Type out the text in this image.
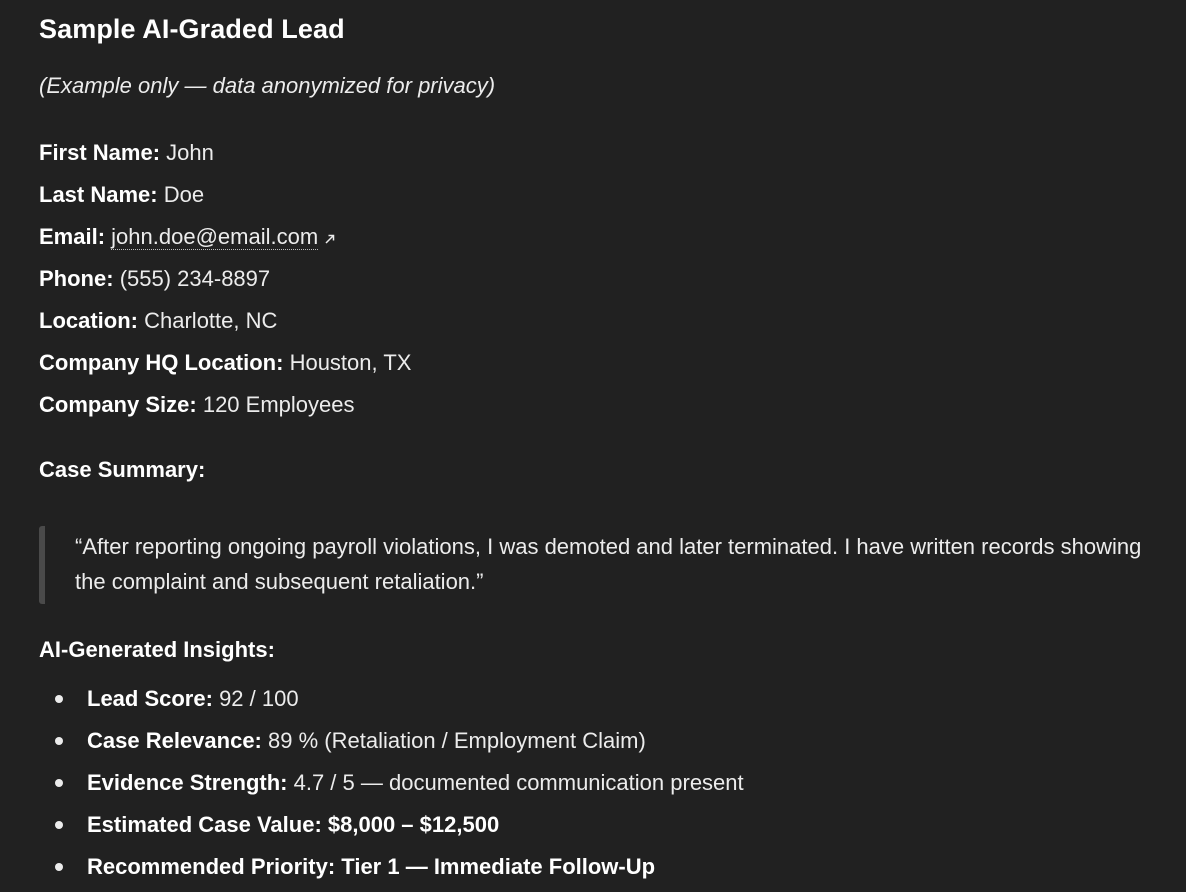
Sample AI-Graded Lead
(Example only — data anonymized for privacy)
First Name: John
Last Name: Doe
Email: john.doe@email.com
Phone: (555) 234-8897
Location: Charlotte, NC
Company HQ Location: Houston, TX
Company Size: 120 Employees
Case Summary:
“After reporting ongoing payroll violations, I was demoted and later terminated. I have written records showing the complaint and subsequent retaliation.”
AI-Generated Insights:
Lead Score: 92 / 100
Case Relevance: 89 % (Retaliation / Employment Claim)
Evidence Strength: 4.7 / 5 — documented communication present
Estimated Case Value: $8,000 – $12,500
Recommended Priority: Tier 1 — Immediate Follow-Up
